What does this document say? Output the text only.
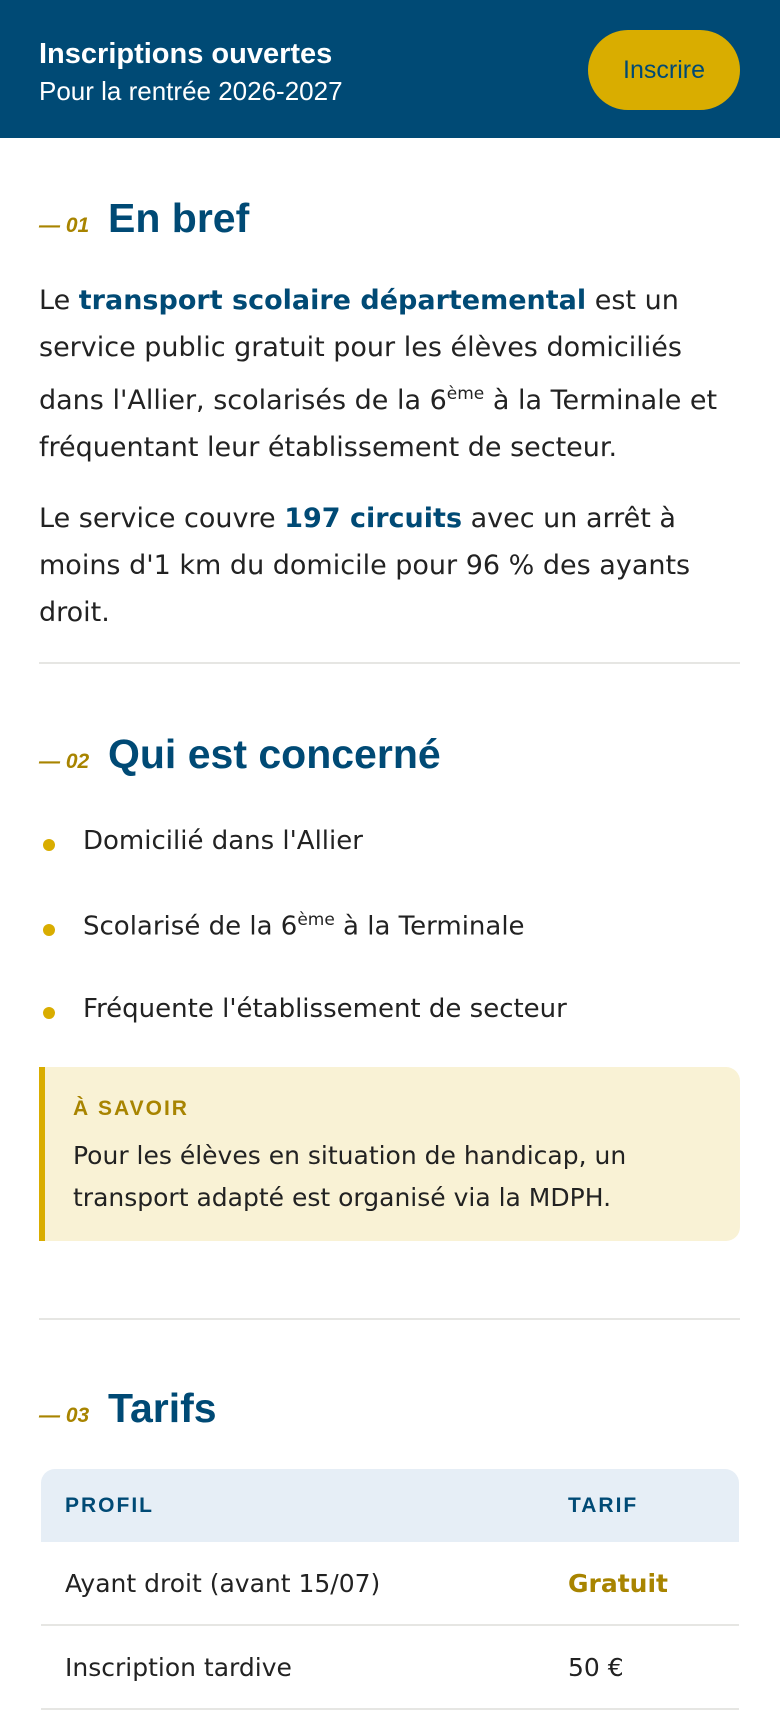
Inscriptions ouvertes
Pour la rentrée 2026-2027
Inscrire
— 01 En bref

Le transport scolaire départemental est un service public gratuit pour les élèves domiciliés dans l'Allier, scolarisés de la 6ème à la Terminale et fréquentant leur établissement de secteur.

Le service couvre 197 circuits avec un arrêt à moins d'1 km du domicile pour 96 % des ayants droit.

— 02 Qui est concerné
Domicilié dans l'Allier
Scolarisé de la 6ème à la Terminale
Fréquente l'établissement de secteur
À SAVOIR
Pour les élèves en situation de handicap, un transport adapté est organisé via la MDPH.
— 03 Tarifs
PROFIL	TARIF
Ayant droit (avant 15/07)	Gratuit
Inscription tardive	50 €
